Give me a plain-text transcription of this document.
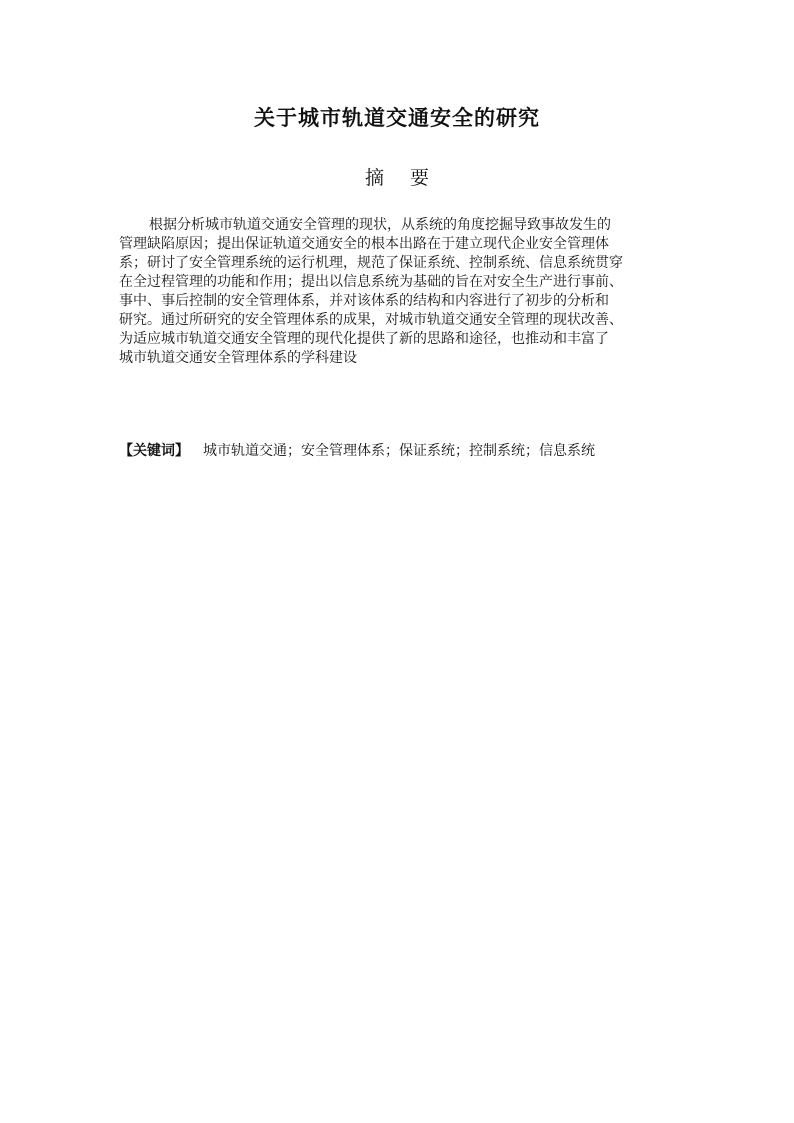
关于城市轨道交通安全的研究
摘 要
根据分析城市轨道交通安全管理的现状，从系统的角度挖掘导致事故发生的
管理缺陷原因；提出保证轨道交通安全的根本出路在于建立现代企业安全管理体
系；研讨了安全管理系统的运行机理，规范了保证系统、控制系统、信息系统贯穿
在全过程管理的功能和作用；提出以信息系统为基础的旨在对安全生产进行事前、
事中、事后控制的安全管理体系，并对该体系的结构和内容进行了初步的分析和
研究。通过所研究的安全管理体系的成果，对城市轨道交通安全管理的现状改善、
为适应城市轨道交通安全管理的现代化提供了新的思路和途径，也推动和丰富了
城市轨道交通安全管理体系的学科建设
【关键词】 城市轨道交通；安全管理体系；保证系统；控制系统；信息系统
